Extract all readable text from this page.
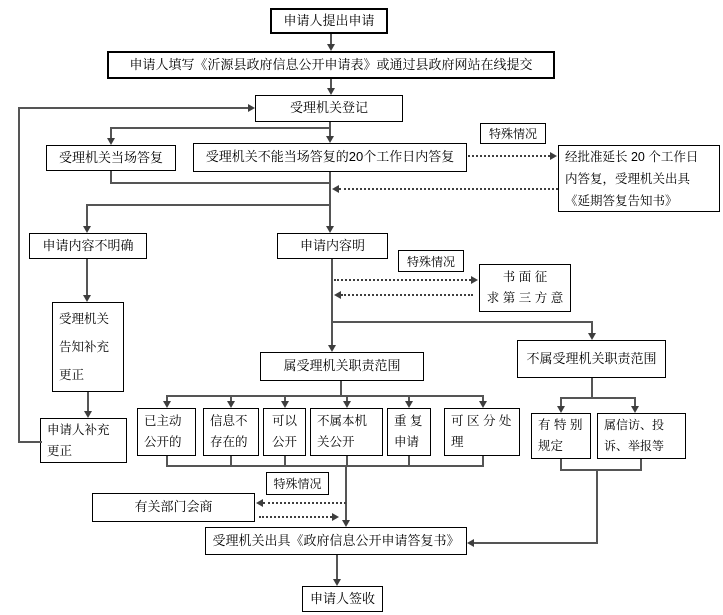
申请人提出申请
申请人填写《沂源县政府信息公开申请表》或通过县政府网站在线提交
受理机关登记
受理机关当场答复	受理机关不能当场答复的20个工作日内答复
特殊情况
经批准延长 20 个工作日
内答复，受理机关出具
《延期答复告知书》
申请内容不明确	申请内容明
特殊情况
书 面 征
求 第 三 方 意
受理机关
告知补充
更正
申请人补充
更正
属受理机关职责范围	不属受理机关职责范围
已主动
公开的
信息不
存在的
可以
公开
不属本机
关公开
重 复
申请
可 区 分 处
理
有 特 别
规定
属信访、投
诉、举报等
特殊情况
有关部门会商
受理机关出具《政府信息公开申请答复书》
申请人签收
